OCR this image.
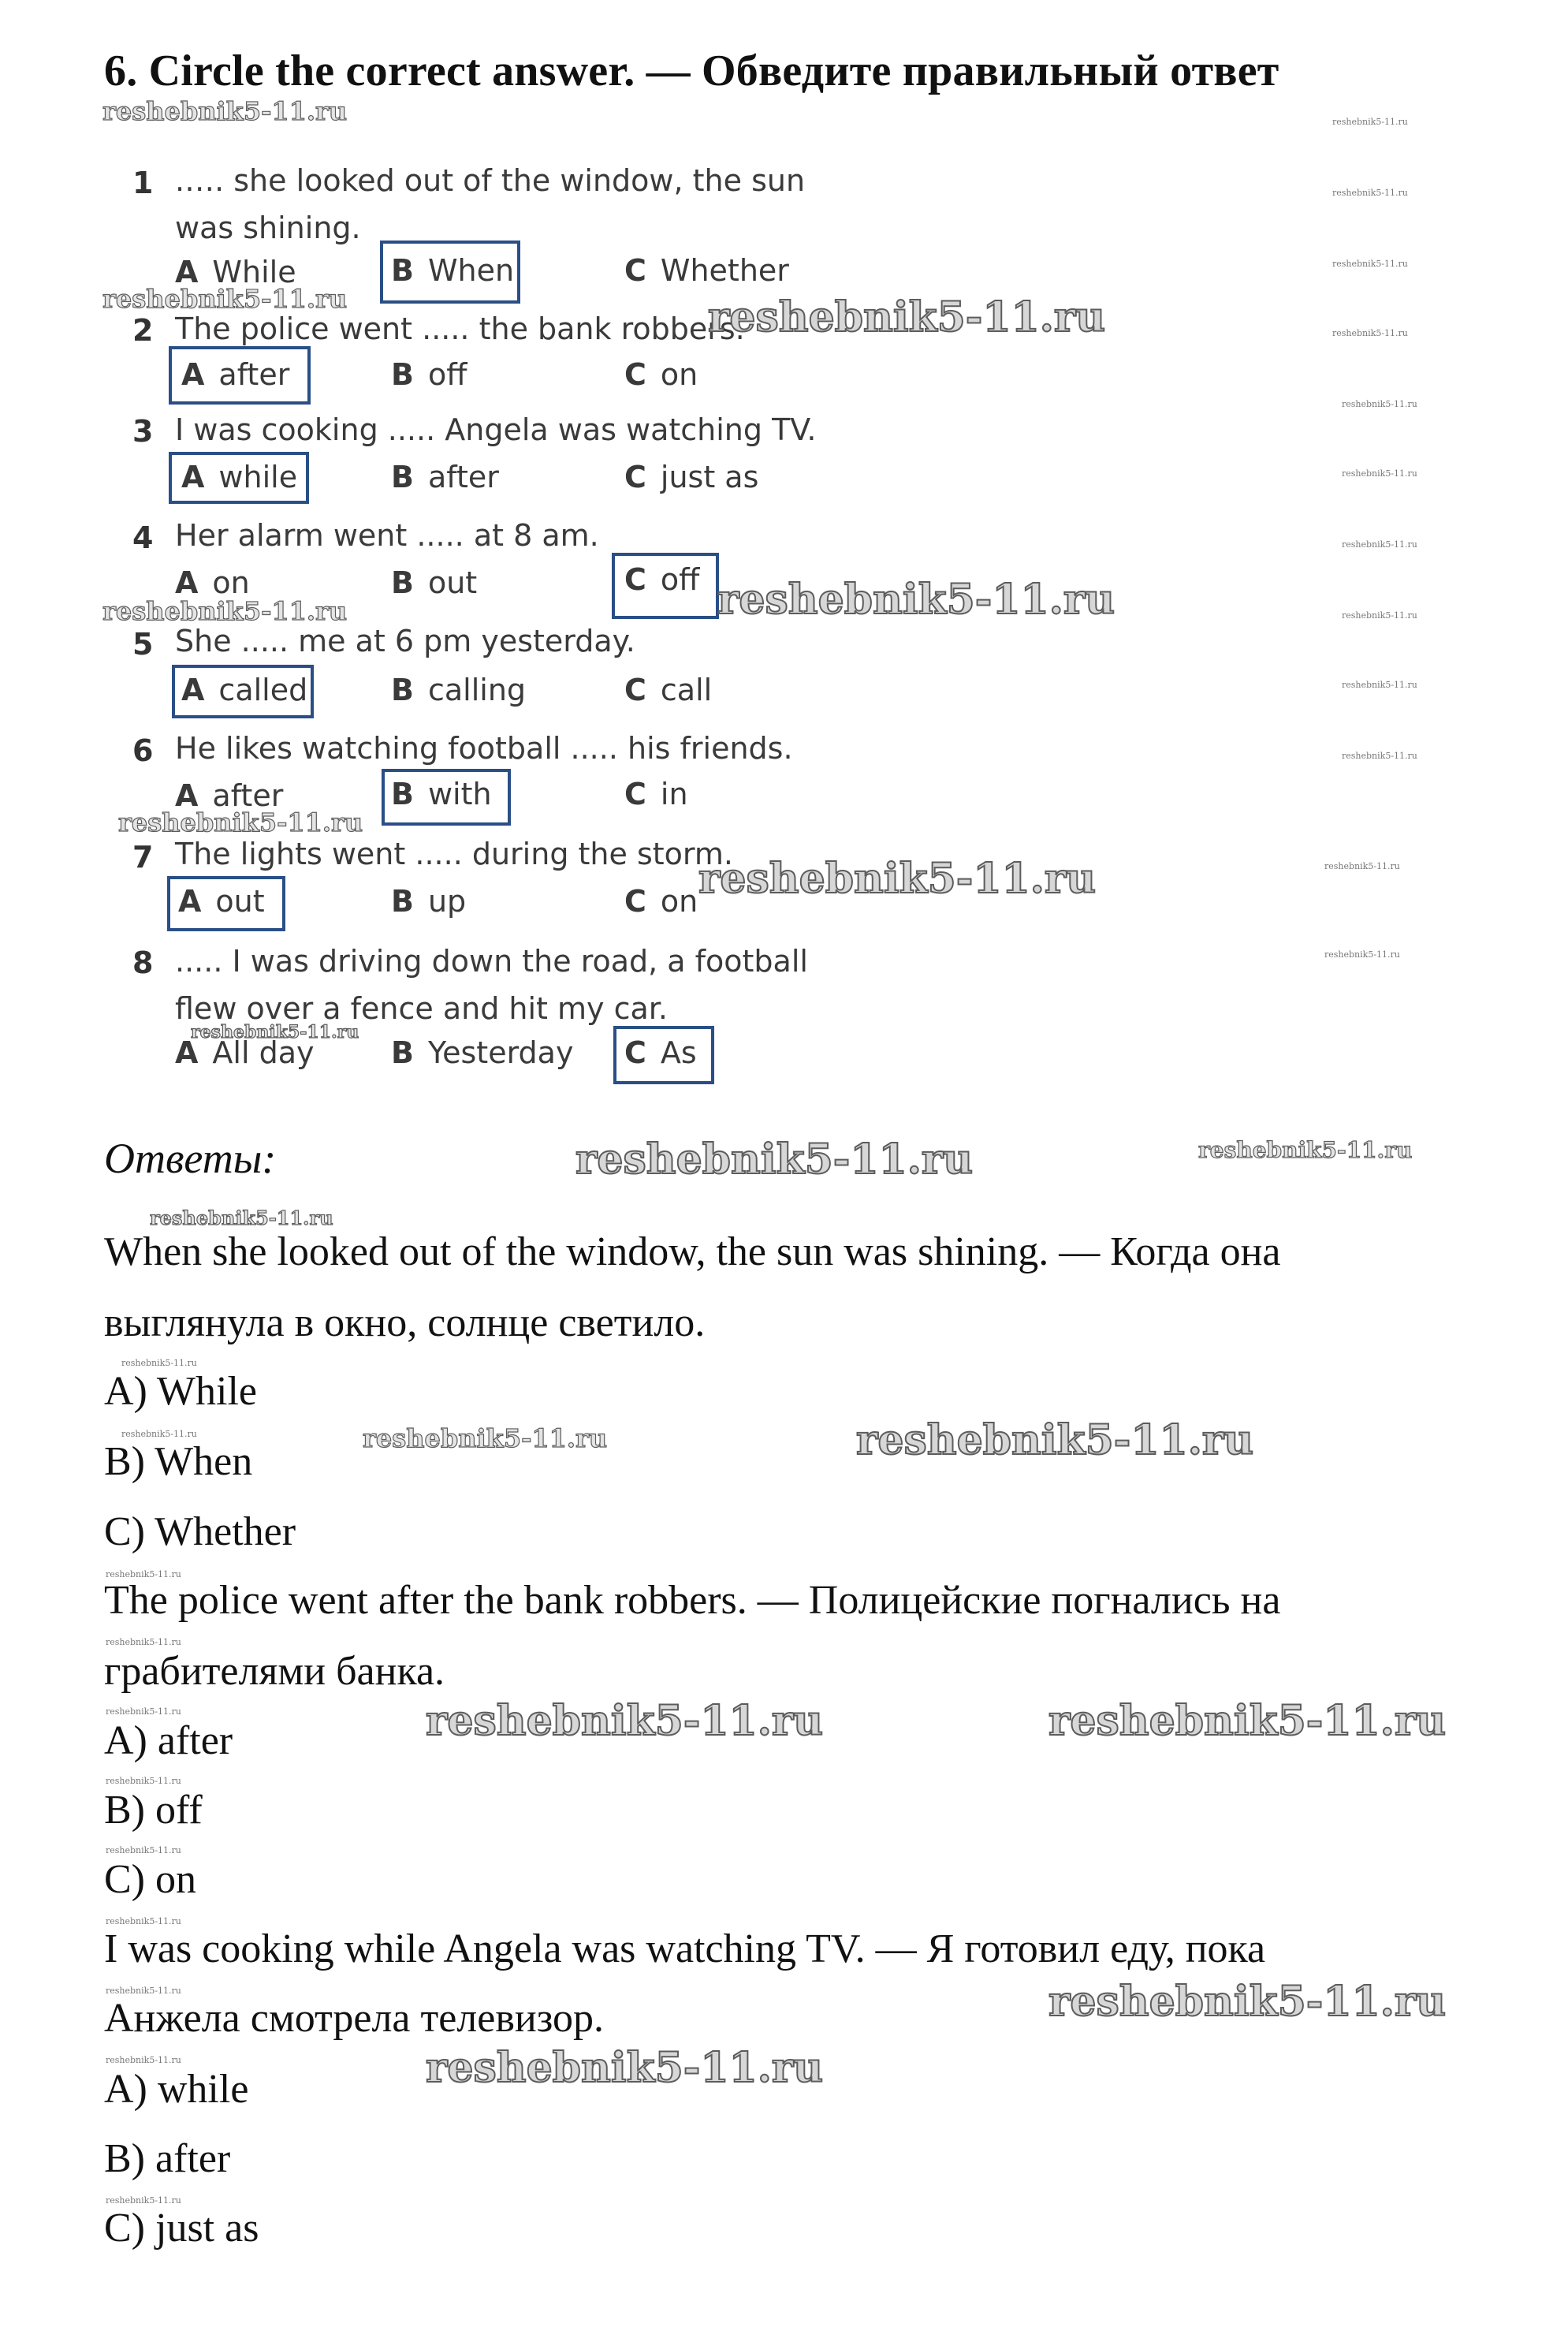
6. Circle the correct answer. — Обведите правильный ответ
1 .…. she looked out of the window, the sun
was shining.
A While	B When	C Whether
2 The police went ..... the bank robbers.
A after	B off	C on
3 I was cooking ..... Angela was watching TV.
A while	B after	C just as
4 Her alarm went ..... at 8 am.
A on	B out	C off
5 She ..... me at 6 pm yesterday.
A called	B calling	C call
6 He likes watching football ..... his friends.
A after	B with	C in
7 The lights went ..... during the storm.
A out	B up	C on
8 ..... I was driving down the road, a football
flew over a fence and hit my car.
A All day	B Yesterday C As
Ответы:
When she looked out of the window, the sun was shining. — Когда она
выглянула в окно, солнце светило.
A) While
B) When
C) Whether
The police went after the bank robbers. — Полицейские погнались на
грабителями банка.
A) after
B) off
C) on
I was cooking while Angela was watching TV. — Я готовил еду, пока
Анжела смотрела телевизор.
A) while
B) after
C) just as
reshebnik5-11.ru
reshebnik5-11.ru	reshebnik5-11.ru
reshebnik5-11.ru	reshebnik5-11.ru
reshebnik5-11.ru
reshebnik5-11.ru
reshebnik5-11.ru
reshebnik5-11.ru	reshebnik5-11.ru
reshebnik5-11.ru
reshebnik5-11.ru	reshebnik5-11.ru
reshebnik5-11.ru	reshebnik5-11.ru
reshebnik5-11.ru
reshebnik5-11.ru
reshebnik5-11.ru
reshebnik5-11.ru
reshebnik5-11.ru
reshebnik5-11.ru
reshebnik5-11.ru
reshebnik5-11.ru
reshebnik5-11.ru
reshebnik5-11.ru
reshebnik5-11.ru
reshebnik5-11.ru
reshebnik5-11.ru
reshebnik5-11.ru
reshebnik5-11.ru
reshebnik5-11.ru
reshebnik5-11.ru
reshebnik5-11.ru
reshebnik5-11.ru
reshebnik5-11.ru
reshebnik5-11.ru
reshebnik5-11.ru
reshebnik5-11.ru
reshebnik5-11.ru
reshebnik5-11.ru
